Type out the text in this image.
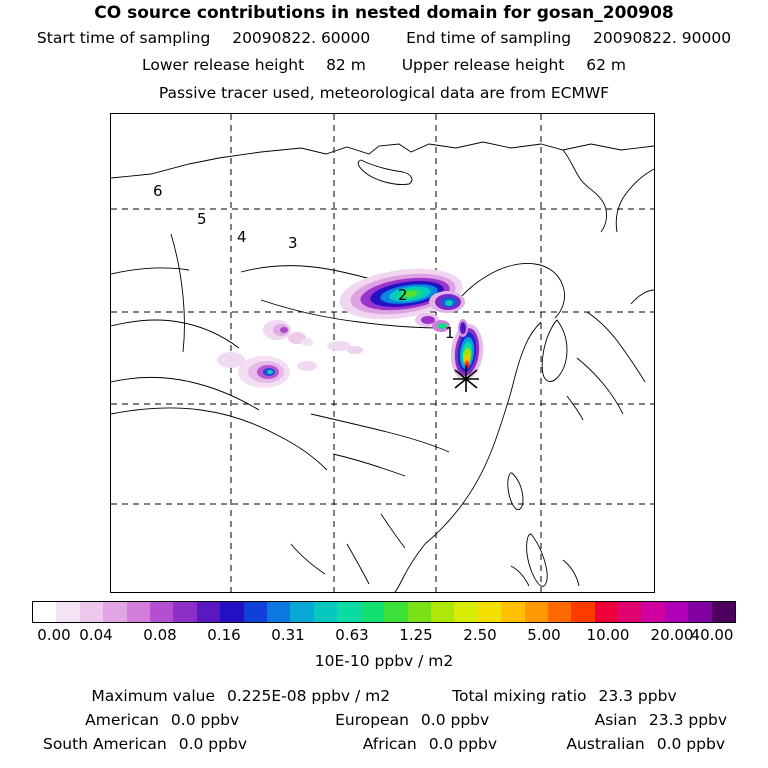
CO source contributions in nested domain for gosan_200908
Start time of sampling 20090822. 60000 End time of sampling 20090822. 90000
Lower release height 82 m Upper release height 62 m
Passive tracer used, meteorological data are from ECMWF
6
5
4	3
2
1
0.00 0.04 0.08 0.16 0.31 0.63 1.25 2.50 5.00 10.00 20.00
40.00
10E-10 ppbv / m2
Maximum value	0.225E-08 ppbv / m2		Total mixing ratio	23.3 ppbv
American	0.0 ppbv	European	0.0 ppbv	Asian	23.3 ppbv
South American	0.0 ppbv	African	0.0 ppbv	Australian	0.0 ppbv
